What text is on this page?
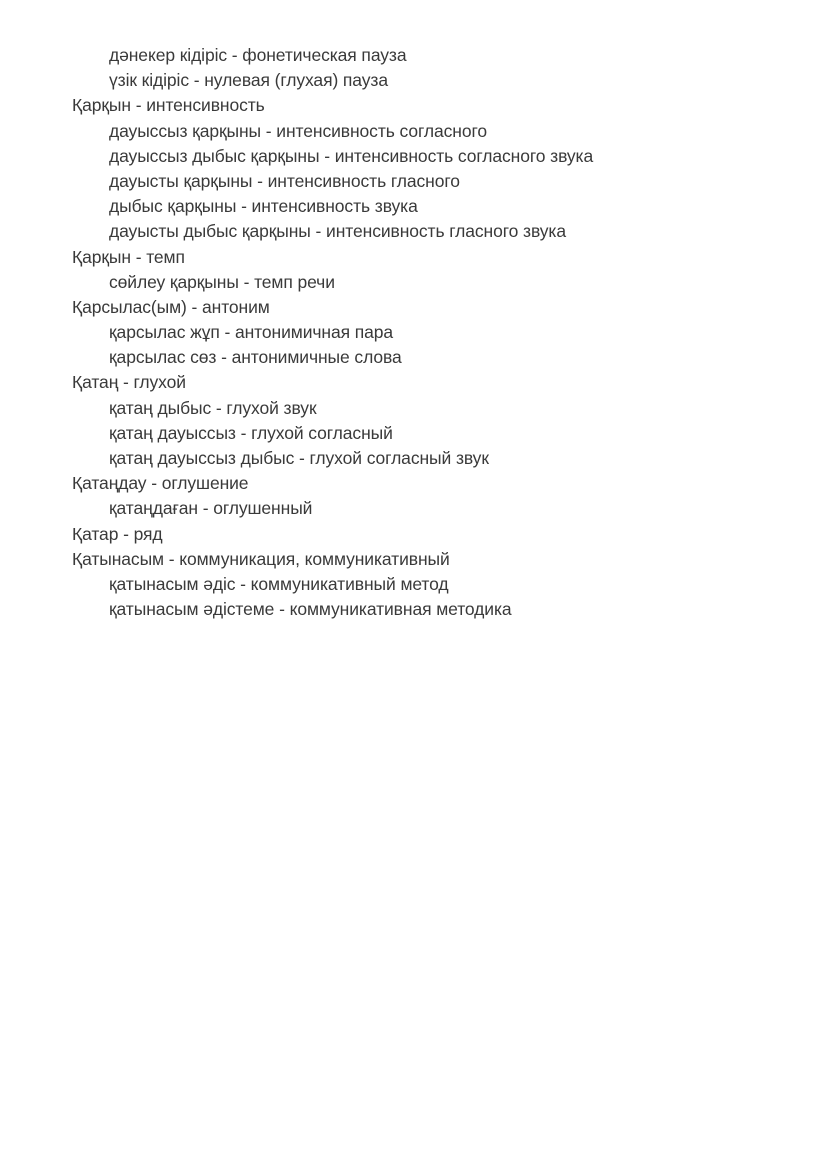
дәнекер кідіріс - фонетическая пауза
үзік кідіріс - нулевая (глухая) пауза
Қарқын - интенсивность
дауыссыз қарқыны - интенсивность согласного
дауыссыз дыбыс қарқыны - интенсивность согласного звука
дауысты қарқыны - интенсивность гласного
дыбыс қарқыны - интенсивность звука
дауысты дыбыс қарқыны - интенсивность гласного звука
Қарқын - темп
сөйлеу қарқыны - темп речи
Қарсылас(ым) - антоним
қарсылас жұп - антонимичная пара
қарсылас сөз - антонимичные слова
Қатаң - глухой
қатаң дыбыс - глухой звук
қатаң дауыссыз - глухой согласный
қатаң дауыссыз дыбыс - глухой согласный звук
Қатаңдау - оглушение
қатаңдаған - оглушенный
Қатар - ряд
Қатынасым - коммуникация, коммуникативный
қатынасым әдіс - коммуникативный метод
қатынасым әдістеме - коммуникативная методика
